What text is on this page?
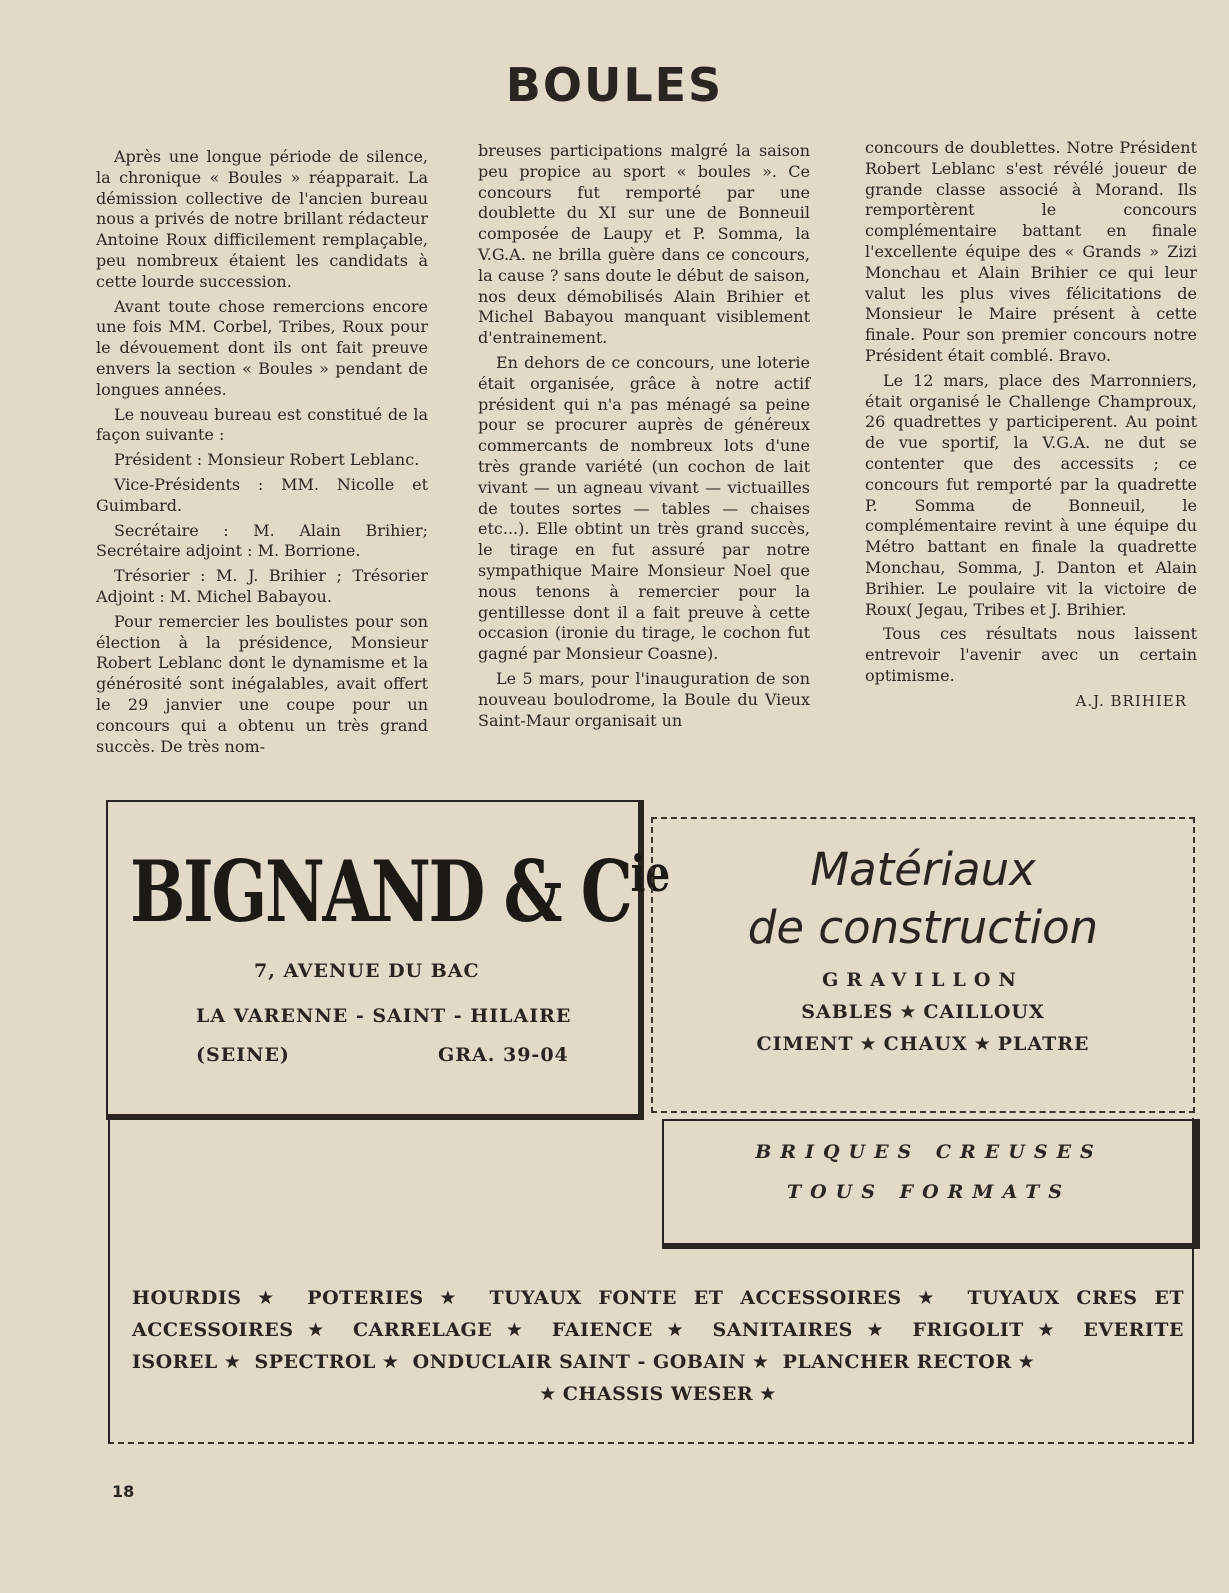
BOULES

Après une longue période de silence, la chronique « Boules » réapparait. La démission collective de l'ancien bureau nous a privés de notre brillant rédacteur Antoine Roux difficilement remplaçable, peu nombreux étaient les candidats à cette lourde succession.

Avant toute chose remercions encore une fois MM. Corbel, Tribes, Roux pour le dévouement dont ils ont fait preuve envers la section « Boules » pendant de longues années.

Le nouveau bureau est constitué de la façon suivante :

Président : Monsieur Robert Leblanc.

Vice-Présidents : MM. Nicolle et Guimbard.

Secrétaire : M. Alain Brihier; Secrétaire adjoint : M. Borrione.

Trésorier : M. J. Brihier ; Trésorier Adjoint : M. Michel Babayou.

Pour remercier les boulistes pour son élection à la présidence, Monsieur Robert Leblanc dont le dynamisme et la générosité sont inégalables, avait offert le 29 janvier une coupe pour un concours qui a obtenu un très grand succès. De très nom-

breuses participations malgré la saison peu propice au sport « boules ». Ce concours fut remporté par une doublette du XI sur une de Bonneuil composée de Laupy et P. Somma, la V.G.A. ne brilla guère dans ce concours, la cause ? sans doute le début de saison, nos deux démobilisés Alain Brihier et Michel Babayou manquant visiblement d'entrainement.

En dehors de ce concours, une loterie était organisée, grâce à notre actif président qui n'a pas ménagé sa peine pour se procurer auprès de généreux commercants de nombreux lots d'une très grande variété (un cochon de lait vivant — un agneau vivant — victuailles de toutes sortes — tables — chaises etc...). Elle obtint un très grand succès, le tirage en fut assuré par notre sympathique Maire Monsieur Noel que nous tenons à remercier pour la gentillesse dont il a fait preuve à cette occasion (ironie du tirage, le cochon fut gagné par Monsieur Coasne).

Le 5 mars, pour l'inauguration de son nouveau boulodrome, la Boule du Vieux Saint-Maur organisait un

concours de doublettes. Notre Président Robert Leblanc s'est révélé joueur de grande classe associé à Morand. Ils remportèrent le concours complémentaire battant en finale l'excellente équipe des « Grands » Zizi Monchau et Alain Brihier ce qui leur valut les plus vives félicitations de Monsieur le Maire présent à cette finale. Pour son premier concours notre Président était comblé. Bravo.

Le 12 mars, place des Marronniers, était organisé le Challenge Champroux, 26 quadrettes y participerent. Au point de vue sportif, la V.G.A. ne dut se contenter que des accessits ; ce concours fut remporté par la quadrette P. Somma de Bonneuil, le complémentaire revint à une équipe du Métro battant en finale la quadrette Monchau, Somma, J. Danton et Alain Brihier. Le poulaire vit la victoire de Roux( Jegau, Tribes et J. Brihier.

Tous ces résultats nous laissent entrevoir l'avenir avec un certain optimisme.

A.J. BRIHIER

BIGNAND & $C^{ie}$
7, AVENUE DU BAC
LA VARENNE - SAINT - HILAIRE
(SEINE)	GRA. 39-04
Matériaux
de construction
GRAVILLON
SABLES ★ CAILLOUX
CIMENT ★ CHAUX ★ PLATRE
BRIQUES CREUSES
TOUS FORMATS
HOURDIS ★ POTERIES ★ TUYAUX FONTE ET ACCESSOIRES ★ TUYAUX CRES ET ACCESSOIRES ★ CARRELAGE ★ FAIENCE ★ SANITAIRES ★ FRIGOLIT ★ EVERITE ISOREL ★ SPECTROL ★ ONDUCLAIR SAINT - GOBAIN ★ PLANCHER RECTOR ★
★ CHASSIS WESER ★
18
